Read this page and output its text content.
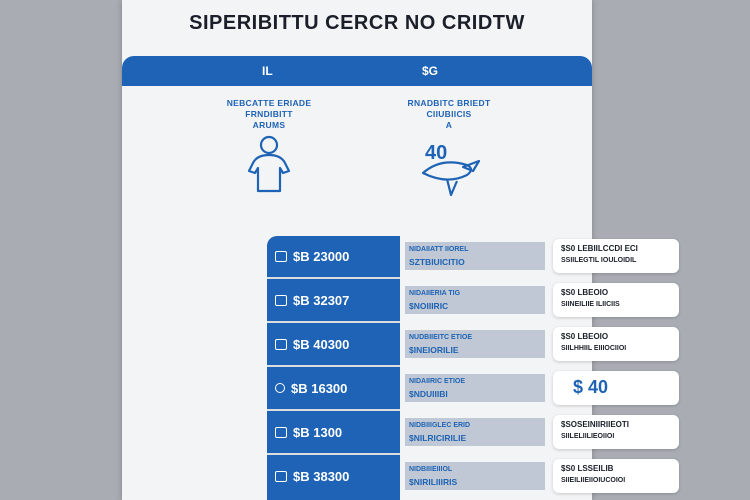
SIPERIBITTU CERCR NO CRIDTW
IL	$G
NEBCATTE ERIADE
FRNDIBITT
ARUMS
RNADBITC BRIEDT
CIIUBIICIS
A
40
$B 23000	NIDAIIATT IIOREL
SZTBIUICITIO
$S0 LEBIILCCDI ECI
SSIILEGTIL IOULOIDIL
$B 32307	NIDAIIERIA TIG
$NOIIIRIC
$S0 LBEOIO
SIINEILIIE ILIICIIS
$B 40300	NUDBIIEITC ETIOE
$INEIORILIE
$S0 LBEOIO
SIILHHIIL EIIIOCIIOI
$B 16300	NIDAIIRIC ETIOE
$NDUIIIBI	$ 40
$B 1300	NIDBIIIGLEC ERID
$NILRICIRILIE
$SOSEINIIRIIEOTI
SIILELIILIEOIIOI
$B 38300	NIDBIIIEIIIOL
$NIRILIIIRIS
$S0 LSSEILIB
SIIEILIIEIIOIUCOIOI
